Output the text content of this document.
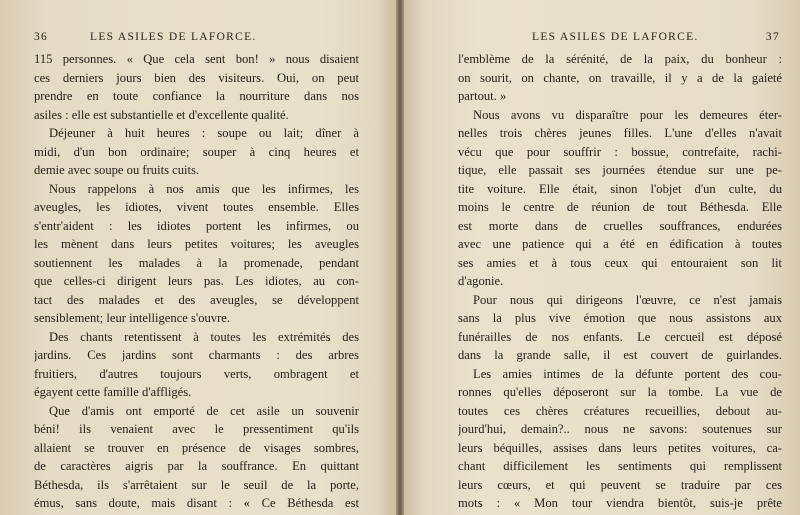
36	LES ASILES DE LAFORCE.
115 personnes. « Que cela sent bon! » nous disaient
ces derniers jours bien des visiteurs. Oui, on peut
prendre en toute confiance la nourriture dans nos
asiles : elle est substantielle et d'excellente qualité.
Déjeuner à huit heures : soupe ou lait; dîner à
midi, d'un bon ordinaire; souper à cinq heures et
demie avec soupe ou fruits cuits.
Nous rappelons à nos amis que les infirmes, les
aveugles, les idiotes, vivent toutes ensemble. Elles
s'entr'aident : les idiotes portent les infirmes, ou
les mènent dans leurs petites voitures; les aveugles
soutiennent les malades à la promenade, pendant
que celles-ci dirigent leurs pas. Les idiotes, au con-
tact des malades et des aveugles, se développent
sensiblement; leur intelligence s'ouvre.
Des chants retentissent à toutes les extrémités des
jardins. Ces jardins sont charmants : des arbres
fruitiers, d'autres toujours verts, ombragent et
égayent cette famille d'affligés.
Que d'amis ont emporté de cet asile un souvenir
béni! ils venaient avec le pressentiment qu'ils
allaient se trouver en présence de visages sombres,
de caractères aigris par la souffrance. En quittant
Béthesda, ils s'arrêtaient sur le seuil de la porte,
émus, sans doute, mais disant : « Ce Béthesda est
LES ASILES DE LAFORCE.	37
l'emblème de la sérénité, de la paix, du bonheur :
on sourit, on chante, on travaille, il y a de la gaieté
partout. »
Nous avons vu disparaître pour les demeures éter-
nelles trois chères jeunes filles. L'une d'elles n'avait
vécu que pour souffrir : bossue, contrefaite, rachi-
tique, elle passait ses journées étendue sur une pe-
tite voiture. Elle était, sinon l'objet d'un culte, du
moins le centre de réunion de tout Béthesda. Elle
est morte dans de cruelles souffrances, endurées
avec une patience qui a été en édification à toutes
ses amies et à tous ceux qui entouraient son lit
d'agonie.
Pour nous qui dirigeons l'œuvre, ce n'est jamais
sans la plus vive émotion que nous assistons aux
funérailles de nos enfants. Le cercueil est déposé
dans la grande salle, il est couvert de guirlandes.
Les amies intimes de la défunte portent des cou-
ronnes qu'elles déposeront sur la tombe. La vue de
toutes ces chères créatures recueillies, debout au-
jourd'hui, demain?.. nous ne savons: soutenues sur
leurs béquilles, assises dans leurs petites voitures, ca-
chant difficilement les sentiments qui remplissent
leurs cœurs, et qui peuvent se traduire par ces
mots : « Mon tour viendra bientôt, suis-je prête
